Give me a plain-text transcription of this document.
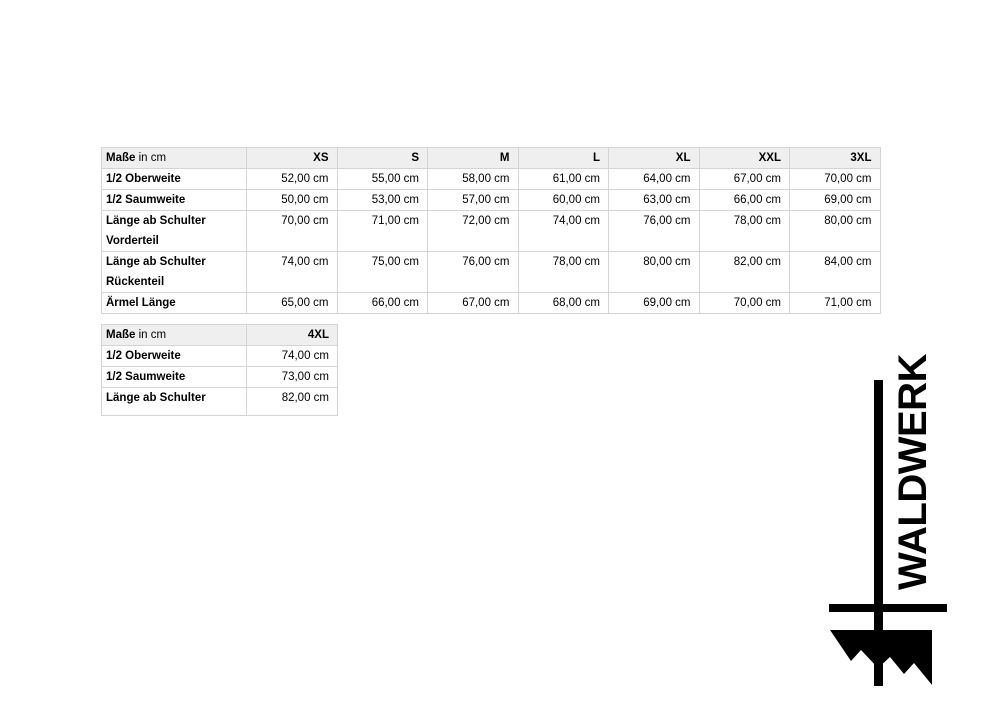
Maße in cm	XS	S	M	L	XL	XXL	3XL

1/2 Oberweite	52,00 cm	55,00 cm	58,00 cm	61,00 cm	64,00 cm	67,00 cm	70,00 cm

1/2 Saumweite	50,00 cm	53,00 cm	57,00 cm	60,00 cm	63,00 cm	66,00 cm	69,00 cm

Länge ab Schulter
Vorderteil	70,00 cm	71,00 cm	72,00 cm	74,00 cm	76,00 cm	78,00 cm	80,00 cm

Länge ab Schulter
Rückenteil	74,00 cm	75,00 cm	76,00 cm	78,00 cm	80,00 cm	82,00 cm	84,00 cm

Ärmel Länge	65,00 cm	66,00 cm	67,00 cm	68,00 cm	69,00 cm	70,00 cm	71,00 cm
Maße in cm	4XL

1/2 Oberweite	74,00 cm

1/2 Saumweite	73,00 cm

Länge ab Schulter	82,00 cm	WALDWERK
